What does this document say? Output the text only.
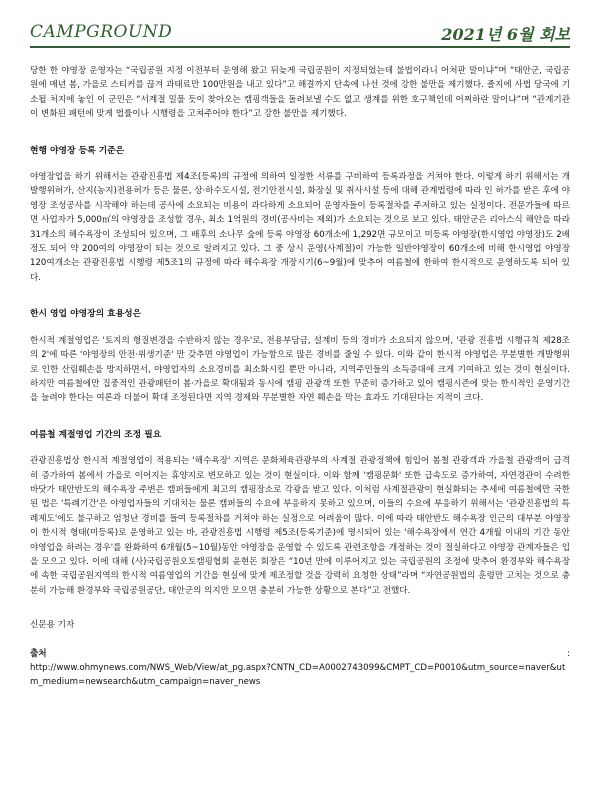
CAMPGROUND	2021년 6월 회보

당한 한 야영장 운영자는 “국립공원 지정 이전부터 운영해 왔고 뒤늦게 국립공원이 지정되었는데 불법이라니 어처판 말이냐”며 “태안군, 국립공원에 매년 봄, 가을로 스티커를 끊겨 과태료만 100만원을 내고 있다”고 해결까지 단속에 나선 것에 강한 불만을 제기했다. 졸지에 사법 당국에 기소될 처지에 놓인 이 군민은 “서계절 밀물 듯이 찾아오는 캠핑객들을 돌려보낼 수도 없고 생계를 위한 호구책인데 어찌하란 말이냐”며 “관계기관이 변화된 패턴에 맞게 법률이나 시행령을 고쳐주어야 한다”고 강한 불만을 제기했다.

현행 야영장 등록 기준은

야영장업을 하기 위해서는 관광진흥법 제4조(등록)의 규정에 의하여 일정한 서류를 구비하여 등록과정을 거쳐야 한다. 이렇게 하기 위해서는 개발행위허가, 산지(농지)전용허가 등은 물론, 상·하수도시설, 전기안전시설, 화장실 및 취사시설 등에 대해 관계법령에 따라 인 허가를 받은 후에 야영장 조성공사를 시작해야 하는데 공사에 소요되는 비용이 과다하게 소요되어 운영자들이 등록절차를 주저하고 있는 실정이다. 전문가들에 따르면 사업자가 5,000㎡의 야영장을 조성할 경우, 최소 1억원의 경비(공사비는 제외)가 소요되는 것으로 보고 있다. 태안군은 리아스식 해안을 따라 31개소의 해수욕장이 조성되어 있으며, 그 배후의 소나무 숲에 등록 야영장 60개소에 1,292면 규모이고 미등록 야영장(한시영업 야영장)도 2배 정도 되어 약 200여의 야영장이 되는 것으로 알려지고 있다. 그 중 상시 운영(사계절)이 가능한 일반야영장이 60개소에 비해 한시영업 야영장 120여개소는 관광진흥법 시행령 제5조1의 규정에 따라 해수욕장 개장시기(6~9월)에 맞추어 여름철에 한하여 한시적으로 운영하도록 되어 있다.

한시 영업 야영장의 효용성은

한시적 계절영업은 '토지의 형질변경을 수반하지 않는 경우'로, 전용부담금, 설계비 등의 경비가 소요되지 않으며, '관광 진흥법 시행규칙 제28조의 2'에 따른 '야영장의 안전·위생기준' 만 갖추면 야영업이 가능함으로 많은 경비를 줄일 수 있다. 이와 같이 한시적 야영업은 무분별한 개발행위로 인한 산림훼손을 방지하면서, 야영업자의 소요경비를 최소화시킬 뿐만 아니라, 지역주민들의 소득증대에 크게 기여하고 있는 것이 현실이다. 하지만 여름철에만 집중적인 관광패턴이 봄·가을로 확대됨과 동시에 캠핑 관광객 또한 꾸준히 증가하고 있어 캠핑시즌에 맞는 한시적인 운영기간을 늘려야 한다는 여론과 더불어 확대 조정된다면 지역 경제와 무분별한 자연 훼손을 막는 효과도 기대된다는 지적이 크다.

여름철 계절영업 기간의 조정 필요

관광진흥법상 한시적 계절영업이 적용되는 '해수욕장' 지역은 문화체육관광부의 사계절 관광정책에 힘입어 봄철 관광객과 가을철 관광객이 급격히 증가하여 봄에서 가을로 이어지는 휴양지로 변모하고 있는 것이 현실이다. 이와 함께 '캠핑문화' 또한 급속도로 증가하여, 자연경관이 수려한 바닷가 태안반도의 해수욕장 주변은 캠퍼들에게 최고의 캠핑장소로 각광을 받고 있다. 이처럼 사계절관광이 현실화되는 추세에 여름철에만 국한된 법은 '특례기간'은 야영업자들의 기대치는 물론 캠퍼들의 수요에 부응하지 못하고 있으며, 이들의 수요에 부응하기 위해서는 '관광진흥법의 특례제도'에도 불구하고 엄청난 경비를 들여 등록절차를 거쳐야 하는 실정으로 어려움이 많다. 이에 따라 태안반도 해수욕장 인근의 대부분 야영장이 한시적 형태(미등록)로 운영하고 있는 바, 관광진흥법 시행령 제5조(등록기준)에 명시되어 있는 '해수욕장에서 연간 4개월 이내의 기간 동안 야영업을 하려는 경우'를 완화하여 6개월(5~10월)동안 야영장을 운영할 수 있도록 관련조항을 개정하는 것이 절실하다고 야영장 관계자들은 입을 모으고 있다. 이에 대해 (사)국립공원오토캠핑협회 윤현돈 회장은 “10년 만에 이루어지고 있는 국립공원의 조정에 맞추어 환경부와 해수욕장에 속한 국립공원지역의 한시적 여름영업의 기간을 현실에 맞게 제조정할 것을 강력히 요청한 상태”라며 “자연공원법의 훈령만 고치는 것으로 충분히 가능해 환경부와 국립공원공단, 태안군의 의지만 모으면 충분히 가능한 상황으로 본다”고 전했다.

신문용 기자

출처	:

http://www.ohmynews.com/NWS_Web/View/at_pg.aspx?CNTN_CD=A0002743099&CMPT_CD=P0010&utm_source=naver&utm_medium=newsearch&utm_campaign=naver_news
